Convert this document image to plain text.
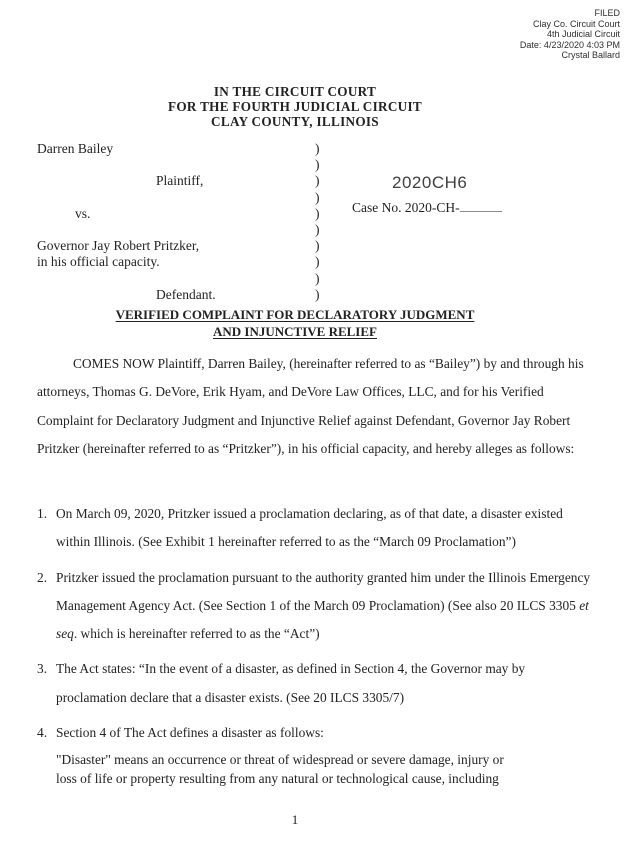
FILED
Clay Co. Circuit Court
4th Judicial Circuit
Date: 4/23/2020 4:03 PM
Crystal Ballard
IN THE CIRCUIT COURT
FOR THE FOURTH JUDICIAL CIRCUIT
CLAY COUNTY, ILLINOIS
Darren Bailey
Plaintiff,
vs.
Governor Jay Robert Pritzker,
in his official capacity.
Defendant.
)
)
)
)
)
)
)
)
)
)
2020CH6
Case No. 2020-CH-
VERIFIED COMPLAINT FOR DECLARATORY JUDGMENT
AND INJUNCTIVE RELIEF
COMES NOW Plaintiff, Darren Bailey, (hereinafter referred to as “Bailey”) by and through his attorneys, Thomas G. DeVore, Erik Hyam, and DeVore Law Offices, LLC, and for his Verified Complaint for Declaratory Judgment and Injunctive Relief against Defendant, Governor Jay Robert Pritzker (hereinafter referred to as “Pritzker”), in his official capacity, and hereby alleges as follows:
1. On March 09, 2020, Pritzker issued a proclamation declaring, as of that date, a disaster existed within Illinois. (See Exhibit 1 hereinafter referred to as the “March 09 Proclamation”)
2. Pritzker issued the proclamation pursuant to the authority granted him under the Illinois Emergency Management Agency Act. (See Section 1 of the March 09 Proclamation) (See also 20 ILCS 3305 et seq. which is hereinafter referred to as the “Act”)
3. The Act states: “In the event of a disaster, as defined in Section 4, the Governor may by proclamation declare that a disaster exists. (See 20 ILCS 3305/7)
4. Section 4 of The Act defines a disaster as follows:
"Disaster" means an occurrence or threat of widespread or severe damage, injury or loss of life or property resulting from any natural or technological cause, including
1
